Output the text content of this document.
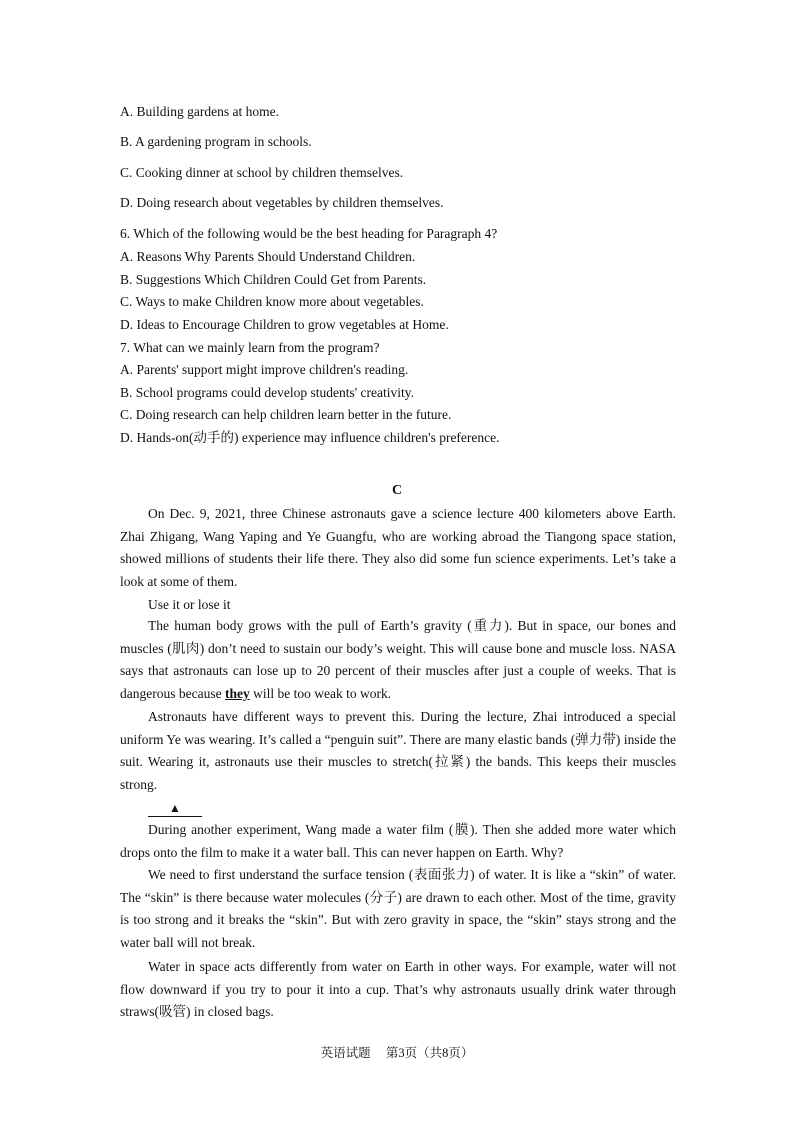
A. Building gardens at home.
B. A gardening program in schools.
C. Cooking dinner at school by children themselves.
D. Doing research about vegetables by children themselves.
6. Which of the following would be the best heading for Paragraph 4?
A. Reasons Why Parents Should Understand Children.
B. Suggestions Which Children Could Get from Parents.
C. Ways to make Children know more about vegetables.
D. Ideas to Encourage Children to grow vegetables at Home.
7. What can we mainly learn from the program?
A. Parents' support might improve children's reading.
B. School programs could develop students' creativity.
C. Doing research can help children learn better in the future.
D. Hands-on(动手的) experience may influence children's preference.
C

On Dec. 9, 2021, three Chinese astronauts gave a science lecture 400 kilometers above Earth. Zhai Zhigang, Wang Yaping and Ye Guangfu, who are working abroad the Tiangong space station, showed millions of students their life there. They also did some fun science experiments. Let’s take a look at some of them.

Use it or lose it

The human body grows with the pull of Earth’s gravity (重力). But in space, our bones and muscles (肌肉) don’t need to sustain our body’s weight. This will cause bone and muscle loss. NASA says that astronauts can lose up to 20 percent of their muscles after just a couple of weeks. That is dangerous because they will be too weak to work.

Astronauts have different ways to prevent this. During the lecture, Zhai introduced a special uniform Ye was wearing. It’s called a “penguin suit”. There are many elastic bands (弹力带) inside the suit. Wearing it, astronauts use their muscles to stretch(拉紧) the bands. This keeps their muscles strong.

▲

During another experiment, Wang made a water film (膜). Then she added more water which drops onto the film to make it a water ball. This can never happen on Earth. Why?

We need to first understand the surface tension (表面张力) of water. It is like a “skin” of water. The “skin” is there because water molecules (分子) are drawn to each other. Most of the time, gravity is too strong and it breaks the “skin”. But with zero gravity in space, the “skin” stays strong and the water ball will not break.

Water in space acts differently from water on Earth in other ways. For example, water will not flow downward if you try to pour it into a cup. That’s why astronauts usually drink water through straws(吸管) in closed bags.

英语试题 第3页（共8页）
